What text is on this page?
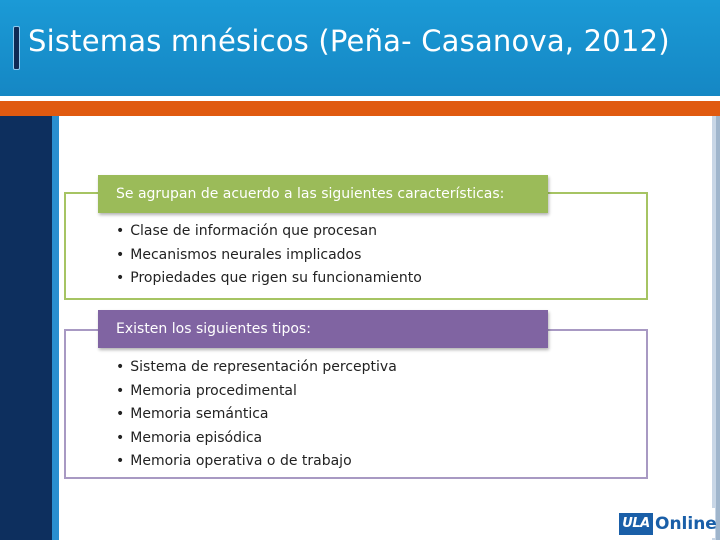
Sistemas mnésicos (Peña- Casanova, 2012)
Se agrupan de acuerdo a las siguientes características:
• Clase de información que procesan
• Mecanismos neurales implicados
• Propiedades que rigen su funcionamiento
Existen los siguientes tipos:
• Sistema de representación perceptiva
• Memoria procedimental
• Memoria semántica
• Memoria episódica
• Memoria operativa o de trabajo
ULA Online
